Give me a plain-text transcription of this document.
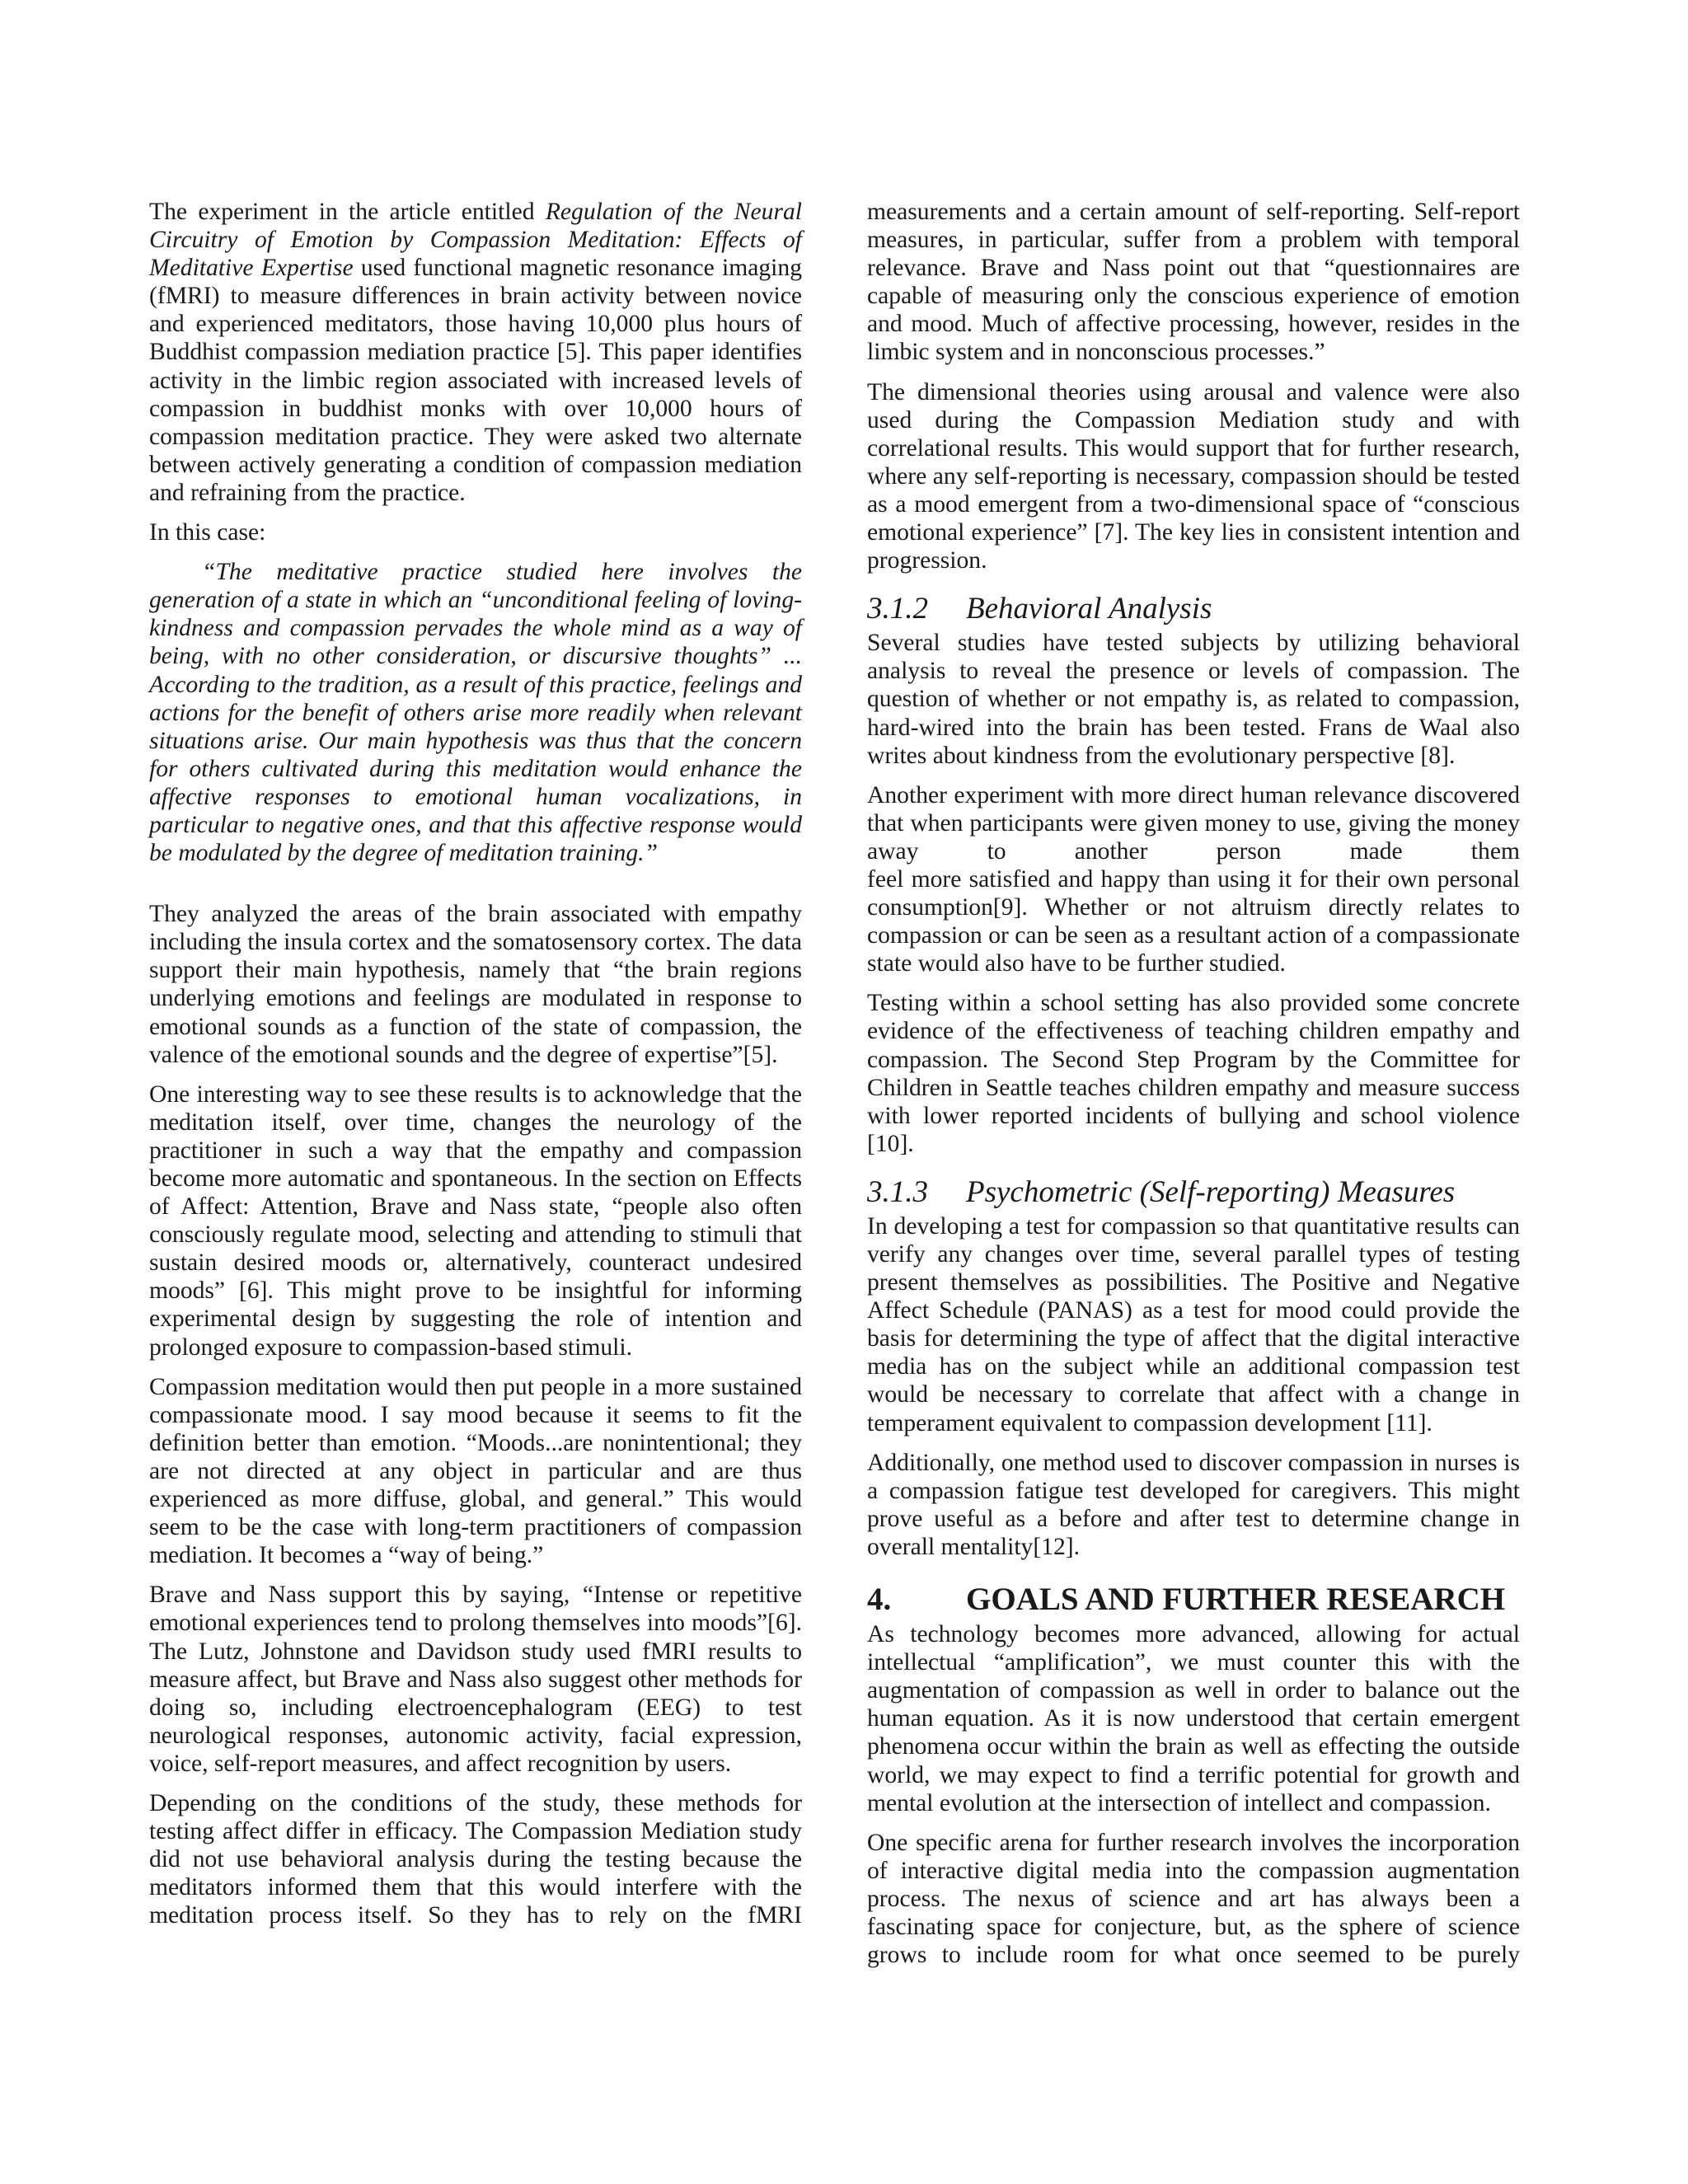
The experiment in the article entitled Regulation of the Neural Circuitry of Emotion by Compassion Meditation: Effects of Meditative Expertise used functional magnetic resonance imaging (fMRI) to measure differences in brain activity between novice and experienced meditators, those having 10,000 plus hours of Buddhist compassion mediation practice [5]. This paper identifies activity in the limbic region associated with increased levels of compassion in buddhist monks with over 10,000 hours of compassion meditation practice. They were asked two alternate between actively generating a condition of compassion mediation and refraining from the practice.

In this case:

“The meditative practice studied here involves the generation of a state in which an “unconditional feeling of loving-kindness and compassion pervades the whole mind as a way of being, with no other consideration, or discursive thoughts” ... According to the tradition, as a result of this practice, feelings and actions for the benefit of others arise more readily when relevant situations arise. Our main hypothesis was thus that the concern for others cultivated during this meditation would enhance the affective responses to emotional human vocalizations, in particular to negative ones, and that this affective response would be modulated by the degree of meditation training.”

They analyzed the areas of the brain associated with empathy including the insula cortex and the somatosensory cortex. The data support their main hypothesis, namely that “the brain regions underlying emotions and feelings are modulated in response to emotional sounds as a function of the state of compassion, the valence of the emotional sounds and the degree of expertise”[5].

One interesting way to see these results is to acknowledge that the meditation itself, over time, changes the neurology of the practitioner in such a way that the empathy and compassion become more automatic and spontaneous. In the section on Effects of Affect: Attention, Brave and Nass state, “people also often consciously regulate mood, selecting and attending to stimuli that sustain desired moods or, alternatively, counteract undesired moods” [6]. This might prove to be insightful for informing experimental design by suggesting the role of intention and prolonged exposure to compassion-based stimuli.

Compassion meditation would then put people in a more sustained compassionate mood. I say mood because it seems to fit the definition better than emotion. “Moods...are nonintentional; they are not directed at any object in particular and are thus experienced as more diffuse, global, and general.” This would seem to be the case with long-term practitioners of compassion mediation. It becomes a “way of being.”

Brave and Nass support this by saying, “Intense or repetitive emotional experiences tend to prolong themselves into moods”[6]. The Lutz, Johnstone and Davidson study used fMRI results to measure affect, but Brave and Nass also suggest other methods for doing so, including electroencephalogram (EEG) to test neurological responses, autonomic activity, facial expression, voice, self-report measures, and affect recognition by users.

Depending on the conditions of the study, these methods for testing affect differ in efficacy. The Compassion Mediation study did not use behavioral analysis during the testing because the meditators informed them that this would interfere with the meditation process itself. So they has to rely on the fMRI

measurements and a certain amount of self-reporting. Self-report measures, in particular, suffer from a problem with temporal relevance. Brave and Nass point out that “questionnaires are capable of measuring only the conscious experience of emotion and mood. Much of affective processing, however, resides in the limbic system and in nonconscious processes.”

The dimensional theories using arousal and valence were also used during the Compassion Mediation study and with correlational results. This would support that for further research, where any self-reporting is necessary, compassion should be tested as a mood emergent from a two-dimensional space of “conscious emotional experience” [7]. The key lies in consistent intention and progression.

3.1.2 Behavioral Analysis

Several studies have tested subjects by utilizing behavioral analysis to reveal the presence or levels of compassion. The question of whether or not empathy is, as related to compassion, hard-wired into the brain has been tested. Frans de Waal also writes about kindness from the evolutionary perspective [8].

Another experiment with more direct human relevance discovered that when participants were given money to use, giving the money away to another person made them
feel more satisfied and happy than using it for their own personal consumption[9]. Whether or not altruism directly relates to compassion or can be seen as a resultant action of a compassionate state would also have to be further studied.

Testing within a school setting has also provided some concrete evidence of the effectiveness of teaching children empathy and compassion. The Second Step Program by the Committee for Children in Seattle teaches children empathy and measure success with lower reported incidents of bullying and school violence [10].

3.1.3 Psychometric (Self-reporting) Measures

In developing a test for compassion so that quantitative results can verify any changes over time, several parallel types of testing present themselves as possibilities. The Positive and Negative Affect Schedule (PANAS) as a test for mood could provide the basis for determining the type of affect that the digital interactive media has on the subject while an additional compassion test would be necessary to correlate that affect with a change in temperament equivalent to compassion development [11].

Additionally, one method used to discover compassion in nurses is a compassion fatigue test developed for caregivers. This might prove useful as a before and after test to determine change in overall mentality[12].

4. GOALS AND FURTHER RESEARCH

As technology becomes more advanced, allowing for actual intellectual “amplification”, we must counter this with the augmentation of compassion as well in order to balance out the human equation. As it is now understood that certain emergent phenomena occur within the brain as well as effecting the outside world, we may expect to find a terrific potential for growth and mental evolution at the intersection of intellect and compassion.

One specific arena for further research involves the incorporation of interactive digital media into the compassion augmentation process. The nexus of science and art has always been a fascinating space for conjecture, but, as the sphere of science grows to include room for what once seemed to be purely
